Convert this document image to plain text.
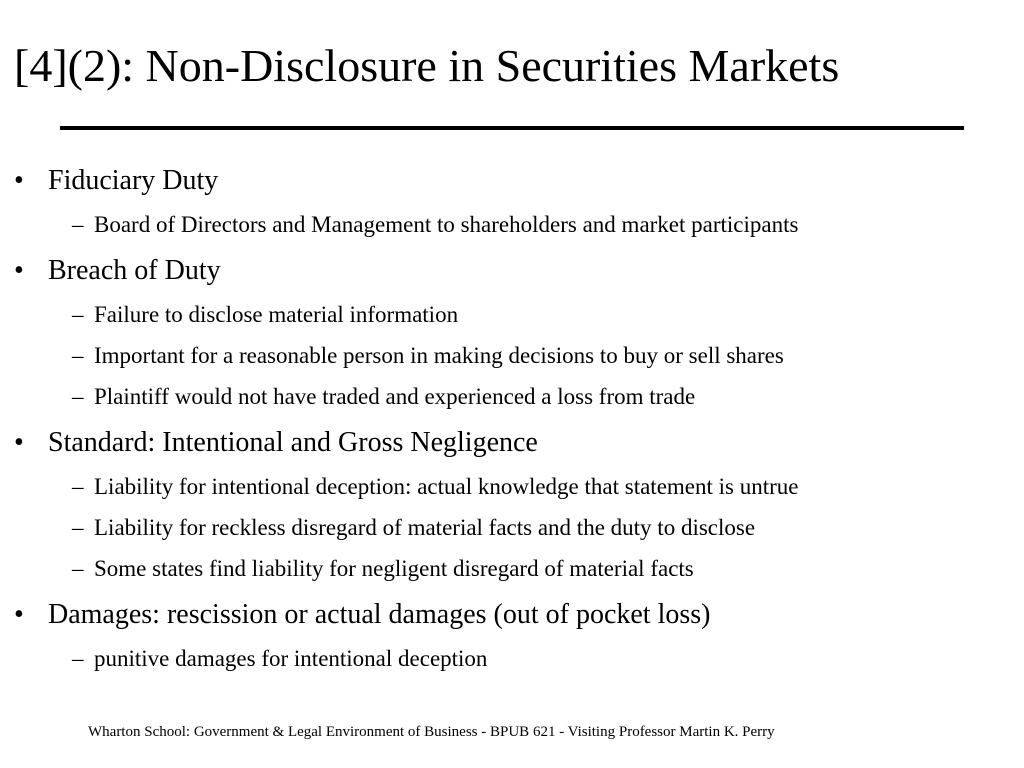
[4](2): Non-Disclosure in Securities Markets
• Fiduciary Duty
– Board of Directors and Management to shareholders and market participants
• Breach of Duty
– Failure to disclose material information
– Important for a reasonable person in making decisions to buy or sell shares
– Plaintiff would not have traded and experienced a loss from trade
• Standard: Intentional and Gross Negligence
– Liability for intentional deception: actual knowledge that statement is untrue
– Liability for reckless disregard of material facts and the duty to disclose
– Some states find liability for negligent disregard of material facts
• Damages: rescission or actual damages (out of pocket loss)
– punitive damages for intentional deception
Wharton School: Government & Legal Environment of Business - BPUB 621 - Visiting Professor Martin K. Perry
